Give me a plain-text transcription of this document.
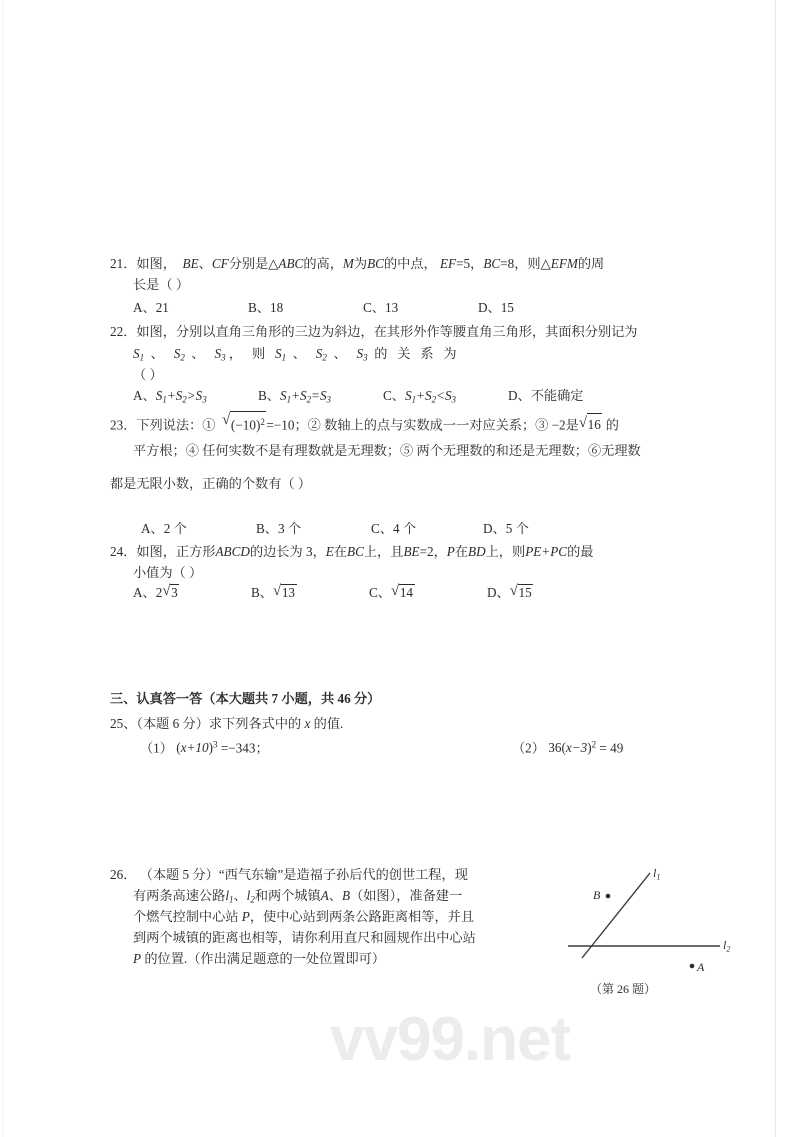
21．如图， BE、CF分别是△ABC的高，M为BC的中点， EF=5，BC=8，则△EFM的周
长是（ ）
A、21	B、18	C、13	D、15
22．如图，分别以直角三角形的三边为斜边，在其形外作等腰直角三角形，其面积分别记为
$S_1$  、   $S_2$  、   $S_3$ ，   则   $S_1$  、   $S_2$  、   $S_3$  的   关   系   为
（ ）
A、$S_1+S_2>S_3$	B、$S_1+S_2=S_3$	C、$S_1+S_2<S_3$	D、不能确定
23．下列说法：① √ $(-10)^2 =-10$；② 数轴上的点与实数成一一对应关系；③ −2是 √ 16 的
平方根；④ 任何实数不是有理数就是无理数；⑤ 两个无理数的和还是无理数；⑥无理数
都是无限小数，正确的个数有（ ）
A、2 个	B、3 个	C、4 个	D、5 个
24．如图，正方形ABCD的边长为 3，E在BC上，且BE=2，P在BD上，则PE+PC的最
小值为（ ）
A、2 √ 3	B、 √ 13	C、 √ 14	D、 √ 15
三、认真答一答（本大题共 7 小题，共 46 分）
25、（本题 6 分）求下列各式中的 x 的值.
（1） $(x+10)^3 =-343$；	（2） $36(x-3)^2 = 49$
26． （本题 5 分）“西气东输”是造福子孙后代的创世工程，现
有两条高速公路$l_1$、$l_2$和两个城镇A、B（如图），准备建一
个燃气控制中心站 P，使中心站到两条公路距离相等，并且
到两个城镇的距离也相等，请你利用直尺和圆规作出中心站
P 的位置.（作出满足题意的一处位置即可）
$l_1$
$l_2$
B
A
（第 26 题）
vv99.net
